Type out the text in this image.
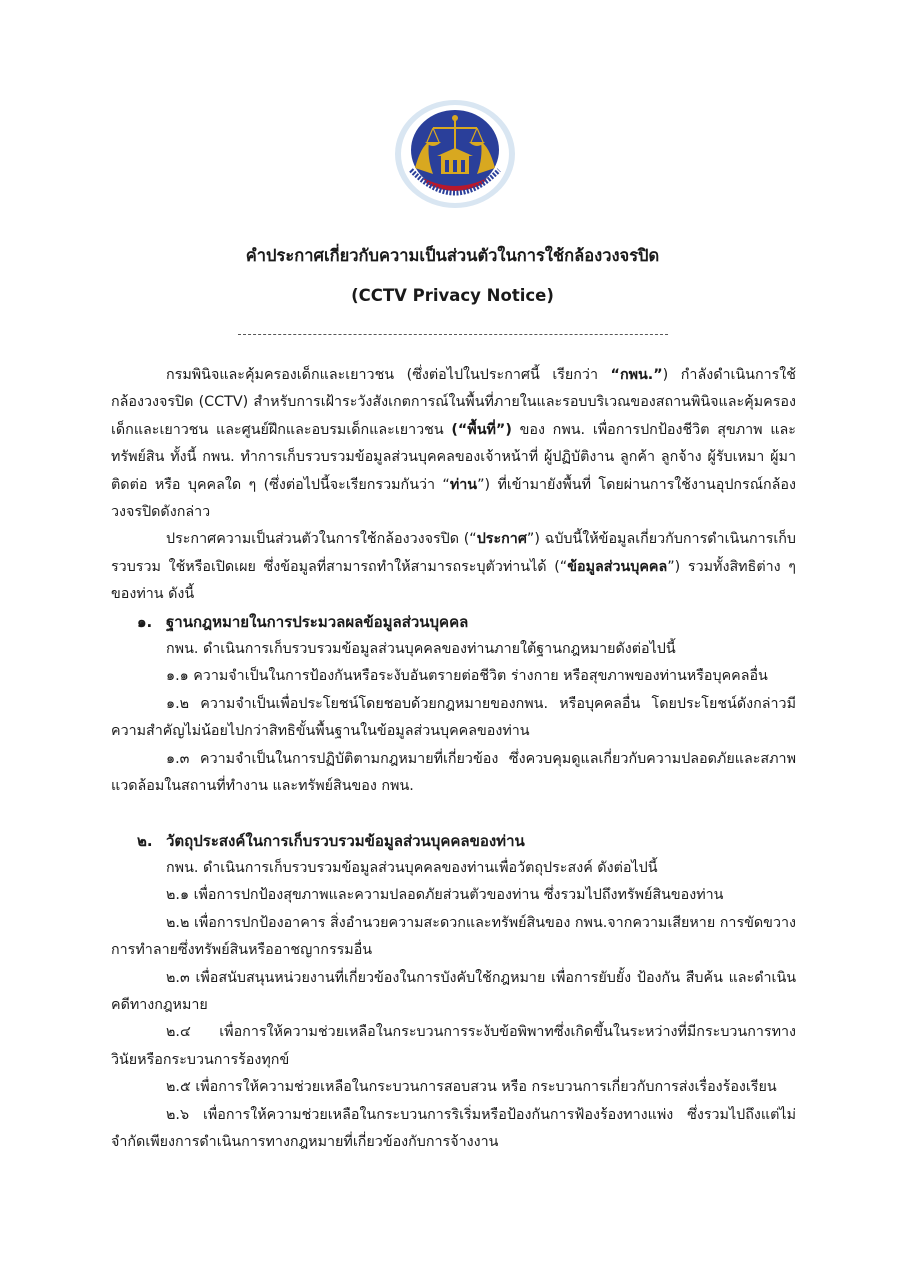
คำประกาศเกี่ยวกับความเป็นส่วนตัวในการใช้กล้องวงจรปิด
(CCTV Privacy Notice)

กรมพินิจและคุ้มครองเด็กและเยาวชน (ซึ่งต่อไปในประกาศนี้ เรียกว่า “กพน.”) กำลังดำเนินการใช้กล้องวงจรปิด (CCTV) สำหรับการเฝ้าระวังสังเกตการณ์ในพื้นที่ภายในและรอบบริเวณของสถานพินิจและคุ้มครองเด็กและเยาวชน และศูนย์ฝึกและอบรมเด็กและเยาวชน (“พื้นที่”) ของ กพน. เพื่อการปกป้องชีวิต สุขภาพ และทรัพย์สิน ทั้งนี้ กพน. ทำการเก็บรวบรวมข้อมูลส่วนบุคคลของเจ้าหน้าที่ ผู้ปฏิบัติงาน ลูกค้า ลูกจ้าง ผู้รับเหมา ผู้มาติดต่อ หรือ บุคคลใด ๆ (ซึ่งต่อไปนี้จะเรียกรวมกันว่า “ท่าน”) ที่เข้ามายังพื้นที่ โดยผ่านการใช้งานอุปกรณ์กล้องวงจรปิดดังกล่าว

ประกาศความเป็นส่วนตัวในการใช้กล้องวงจรปิด (“ประกาศ”) ฉบับนี้ให้ข้อมูลเกี่ยวกับการดำเนินการเก็บรวบรวม ใช้หรือเปิดเผย ซึ่งข้อมูลที่สามารถทำให้สามารถระบุตัวท่านได้ (“ข้อมูลส่วนบุคคล”) รวมทั้งสิทธิต่าง ๆ ของท่าน ดังนี้

๑. ฐานกฎหมายในการประมวลผลข้อมูลส่วนบุคคล

กพน. ดำเนินการเก็บรวบรวมข้อมูลส่วนบุคคลของท่านภายใต้ฐานกฎหมายดังต่อไปนี้

๑.๑ ความจำเป็นในการป้องกันหรือระงับอันตรายต่อชีวิต ร่างกาย หรือสุขภาพของท่านหรือบุคคลอื่น

๑.๒ ความจำเป็นเพื่อประโยชน์โดยชอบด้วยกฎหมายของกพน. หรือบุคคลอื่น โดยประโยชน์ดังกล่าวมีความสำคัญไม่น้อยไปกว่าสิทธิขั้นพื้นฐานในข้อมูลส่วนบุคคลของท่าน

๑.๓ ความจำเป็นในการปฏิบัติตามกฎหมายที่เกี่ยวข้อง ซึ่งควบคุมดูแลเกี่ยวกับความปลอดภัยและสภาพแวดล้อมในสถานที่ทำงาน และทรัพย์สินของ กพน.

๒. วัตถุประสงค์ในการเก็บรวบรวมข้อมูลส่วนบุคคลของท่าน

กพน. ดำเนินการเก็บรวบรวมข้อมูลส่วนบุคคลของท่านเพื่อวัตถุประสงค์ ดังต่อไปนี้

๒.๑ เพื่อการปกป้องสุขภาพและความปลอดภัยส่วนตัวของท่าน ซึ่งรวมไปถึงทรัพย์สินของท่าน

๒.๒ เพื่อการปกป้องอาคาร สิ่งอำนวยความสะดวกและทรัพย์สินของ กพน.จากความเสียหาย การขัดขวาง การทำลายซึ่งทรัพย์สินหรืออาชญากรรมอื่น

๒.๓ เพื่อสนับสนุนหน่วยงานที่เกี่ยวข้องในการบังคับใช้กฎหมาย เพื่อการยับยั้ง ป้องกัน สืบค้น และดำเนินคดีทางกฎหมาย

๒.๔ เพื่อการให้ความช่วยเหลือในกระบวนการระงับข้อพิพาทซึ่งเกิดขึ้นในระหว่างที่มีกระบวนการทางวินัยหรือกระบวนการร้องทุกข์

๒.๕ เพื่อการให้ความช่วยเหลือในกระบวนการสอบสวน หรือ กระบวนการเกี่ยวกับการส่งเรื่องร้องเรียน

๒.๖ เพื่อการให้ความช่วยเหลือในกระบวนการริเริ่มหรือป้องกันการฟ้องร้องทางแพ่ง ซึ่งรวมไปถึงแต่ไม่จำกัดเพียงการดำเนินการทางกฎหมายที่เกี่ยวข้องกับการจ้างงาน
